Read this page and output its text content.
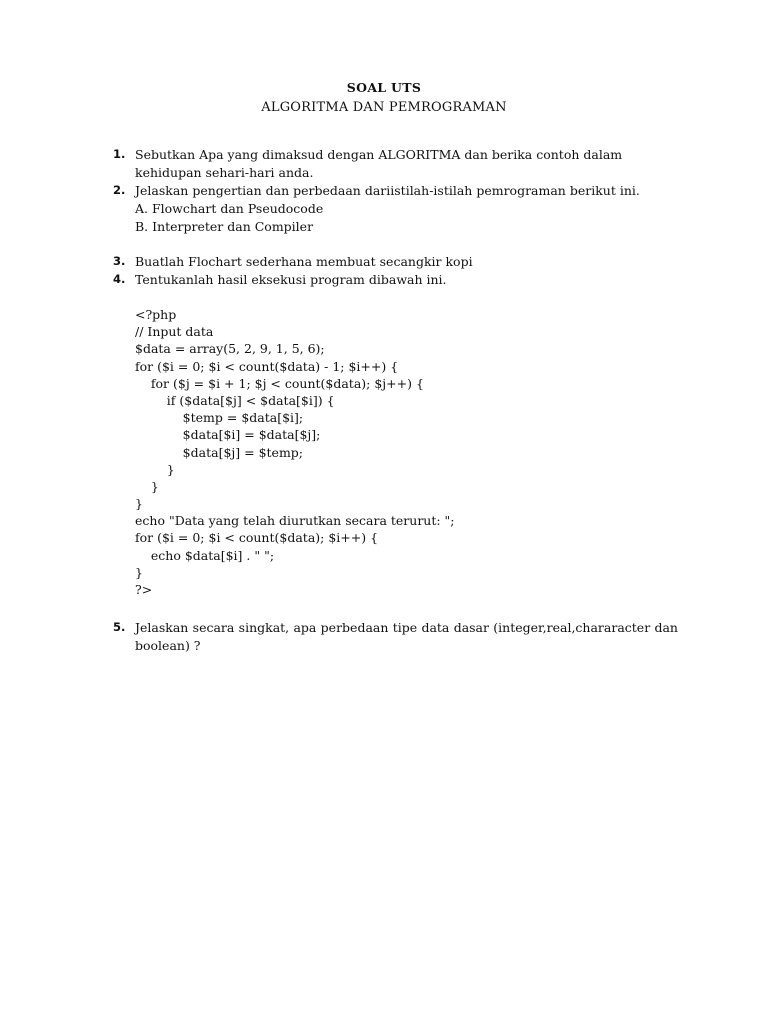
SOAL UTS
ALGORITMA DAN PEMROGRAMAN
1. Sebutkan Apa yang dimaksud dengan ALGORITMA dan berika contoh dalam kehidupan sehari-hari anda.
2. Jelaskan pengertian dan perbedaan dariistilah-istilah pemrograman berikut ini.
A. Flowchart dan Pseudocode
B. Interpreter dan Compiler
3. Buatlah Flochart sederhana membuat secangkir kopi
4. Tentukanlah hasil eksekusi program dibawah ini.
<?php
// Input data
$data = array(5, 2, 9, 1, 5, 6);
for ($i = 0; $i < count($data) - 1; $i++) {
for ($j = $i + 1; $j < count($data); $j++) {
if ($data[$j] < $data[$i]) {
$temp = $data[$i];
$data[$i] = $data[$j];
$data[$j] = $temp;
}
}
}
echo "Data yang telah diurutkan secara terurut: ";
for ($i = 0; $i < count($data); $i++) {
echo $data[$i] . " ";
}
?>
5. Jelaskan secara singkat, apa perbedaan tipe data dasar (integer,real,chararacter dan boolean) ?
